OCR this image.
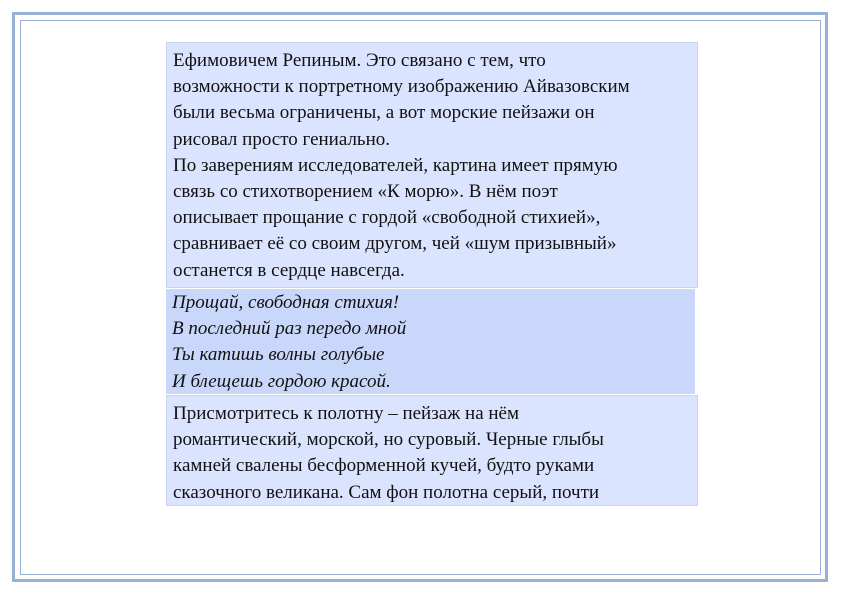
Ефимовичем Репиным. Это связано с тем, что
возможности к портретному изображению Айвазовским
были весьма ограничены, а вот морские пейзажи он
рисовал просто гениально.
По заверениям исследователей, картина имеет прямую
связь со стихотворением «К морю». В нём поэт
описывает прощание с гордой «свободной стихией»,
сравнивает её со своим другом, чей «шум призывный»
останется в сердце навсегда.
Прощай, свободная стихия!
В последний раз передо мной
Ты катишь волны голубые
И блещешь гордою красой.
Присмотритесь к полотну – пейзаж на нём
романтический, морской, но суровый. Черные глыбы
камней свалены бесформенной кучей, будто руками
сказочного великана. Сам фон полотна серый, почти
